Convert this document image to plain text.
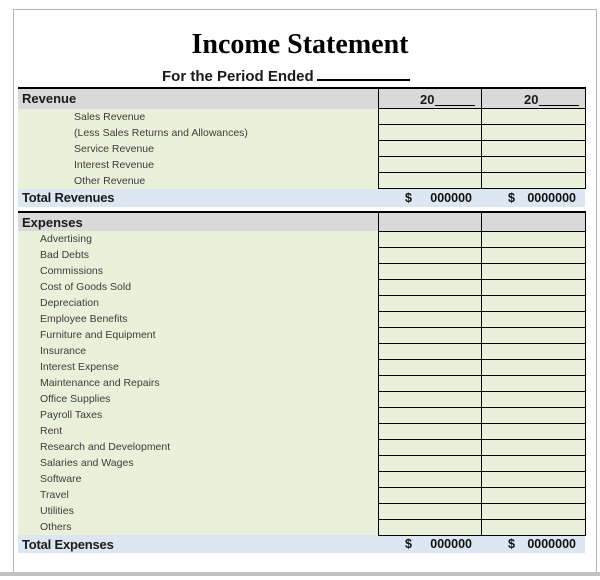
Income Statement
For the Period Ended
Revenue	20	20

Sales Revenue		
(Less Sales Returns and Allowances)		
Service Revenue		
Interest Revenue		
Other Revenue		
Total Revenues	$ 000000	$ 0000000
Expenses		
Advertising		
Bad Debts		
Commissions		
Cost of Goods Sold		
Depreciation		
Employee Benefits		
Furniture and Equipment		
Insurance		
Interest Expense		
Maintenance and Repairs		
Office Supplies		
Payroll Taxes		
Rent		
Research and Development		
Salaries and Wages		
Software		
Travel		
Utilities		
Others		
Total Expenses	$ 000000	$ 0000000
